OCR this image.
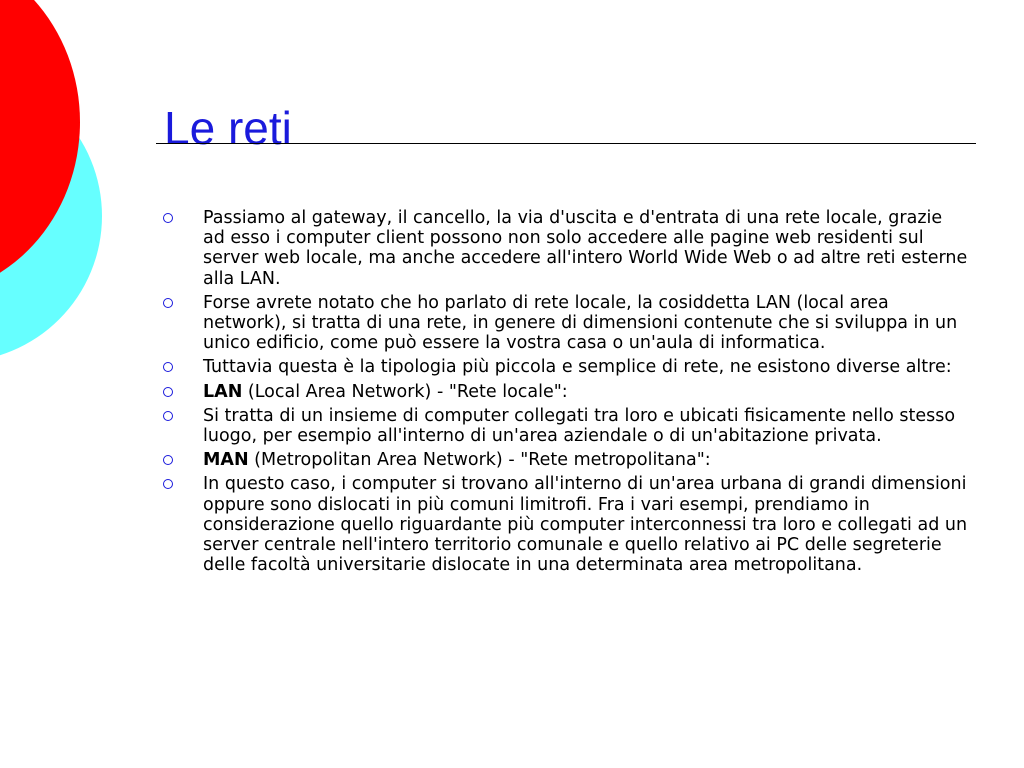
Le reti
Passiamo al gateway, il cancello, la via d'uscita e d'entrata di una rete locale, grazie ad esso i computer client possono non solo accedere alle pagine web residenti sul server web locale, ma anche accedere all'intero World Wide Web o ad altre reti esterne alla LAN.
Forse avrete notato che ho parlato di rete locale, la cosiddetta LAN (local area network), si tratta di una rete, in genere di dimensioni contenute che si sviluppa in un unico edificio, come può essere la vostra casa o un'aula di informatica.
Tuttavia questa è la tipologia più piccola e semplice di rete, ne esistono diverse altre:
LAN (Local Area Network) - "Rete locale":
Si tratta di un insieme di computer collegati tra loro e ubicati fisicamente nello stesso luogo, per esempio all'interno di un'area aziendale o di un'abitazione privata.
MAN (Metropolitan Area Network) - "Rete metropolitana":
In questo caso, i computer si trovano all'interno di un'area urbana di grandi dimensioni oppure sono dislocati in più comuni limitrofi. Fra i vari esempi, prendiamo in considerazione quello riguardante più computer interconnessi tra loro e collegati ad un server centrale nell'intero territorio comunale e quello relativo ai PC delle segreterie delle facoltà universitarie dislocate in una determinata area metropolitana.
